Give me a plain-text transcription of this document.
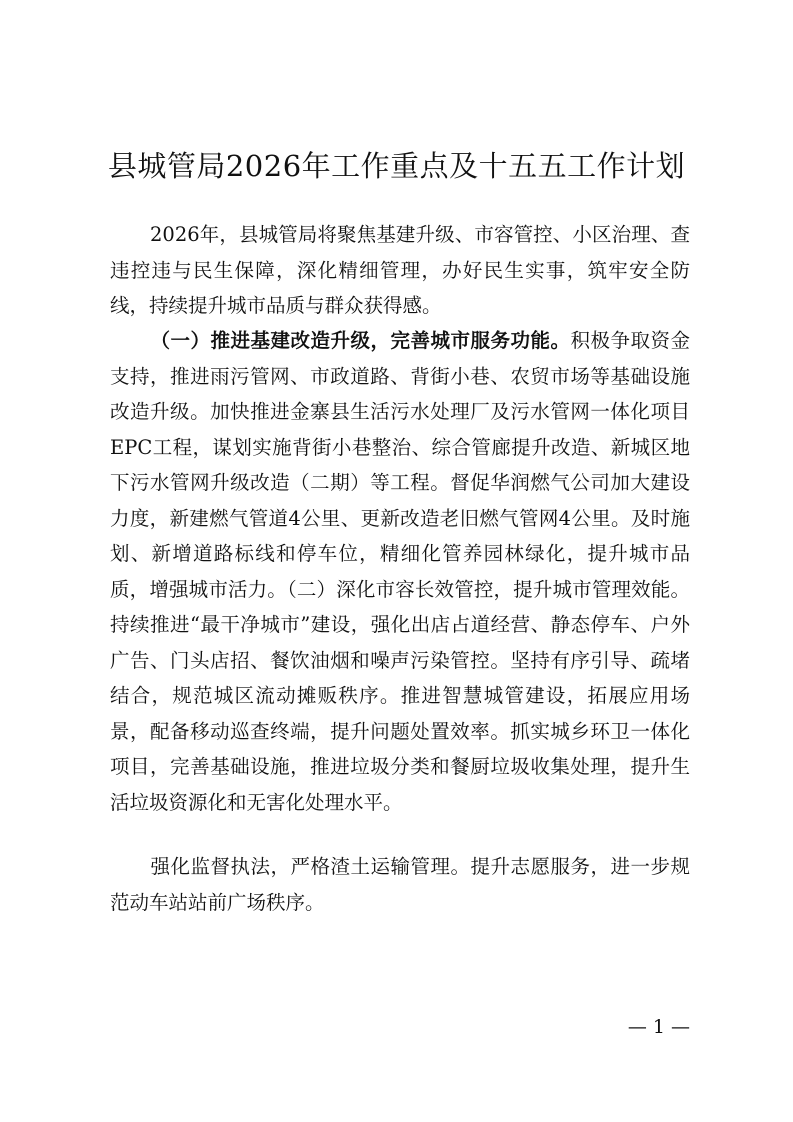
县城管局2026年工作重点及十五五工作计划
2026年，县城管局将聚焦基建升级、市容管控、小区治理、查违控违与民生保障，深化精细管理，办好民生实事，筑牢安全防线，持续提升城市品质与群众获得感。
（一）推进基建改造升级，完善城市服务功能。积极争取资金支持，推进雨污管网、市政道路、背街小巷、农贸市场等基础设施改造升级。加快推进金寨县生活污水处理厂及污水管网一体化项目EPC工程，谋划实施背街小巷整治、综合管廊提升改造、新城区地下污水管网升级改造（二期）等工程。督促华润燃气公司加大建设力度，新建燃气管道4公里、更新改造老旧燃气管网4公里。及时施划、新增道路标线和停车位，精细化管养园林绿化，提升城市品质，增强城市活力。（二）深化市容长效管控，提升城市管理效能。持续推进“最干净城市”建设，强化出店占道经营、静态停车、户外广告、门头店招、餐饮油烟和噪声污染管控。坚持有序引导、疏堵结合，规范城区流动摊贩秩序。推进智慧城管建设，拓展应用场景，配备移动巡查终端，提升问题处置效率。抓实城乡环卫一体化项目，完善基础设施，推进垃圾分类和餐厨垃圾收集处理，提升生活垃圾资源化和无害化处理水平。
强化监督执法，严格渣土运输管理。提升志愿服务，进一步规范动车站站前广场秩序。
— 1 —
